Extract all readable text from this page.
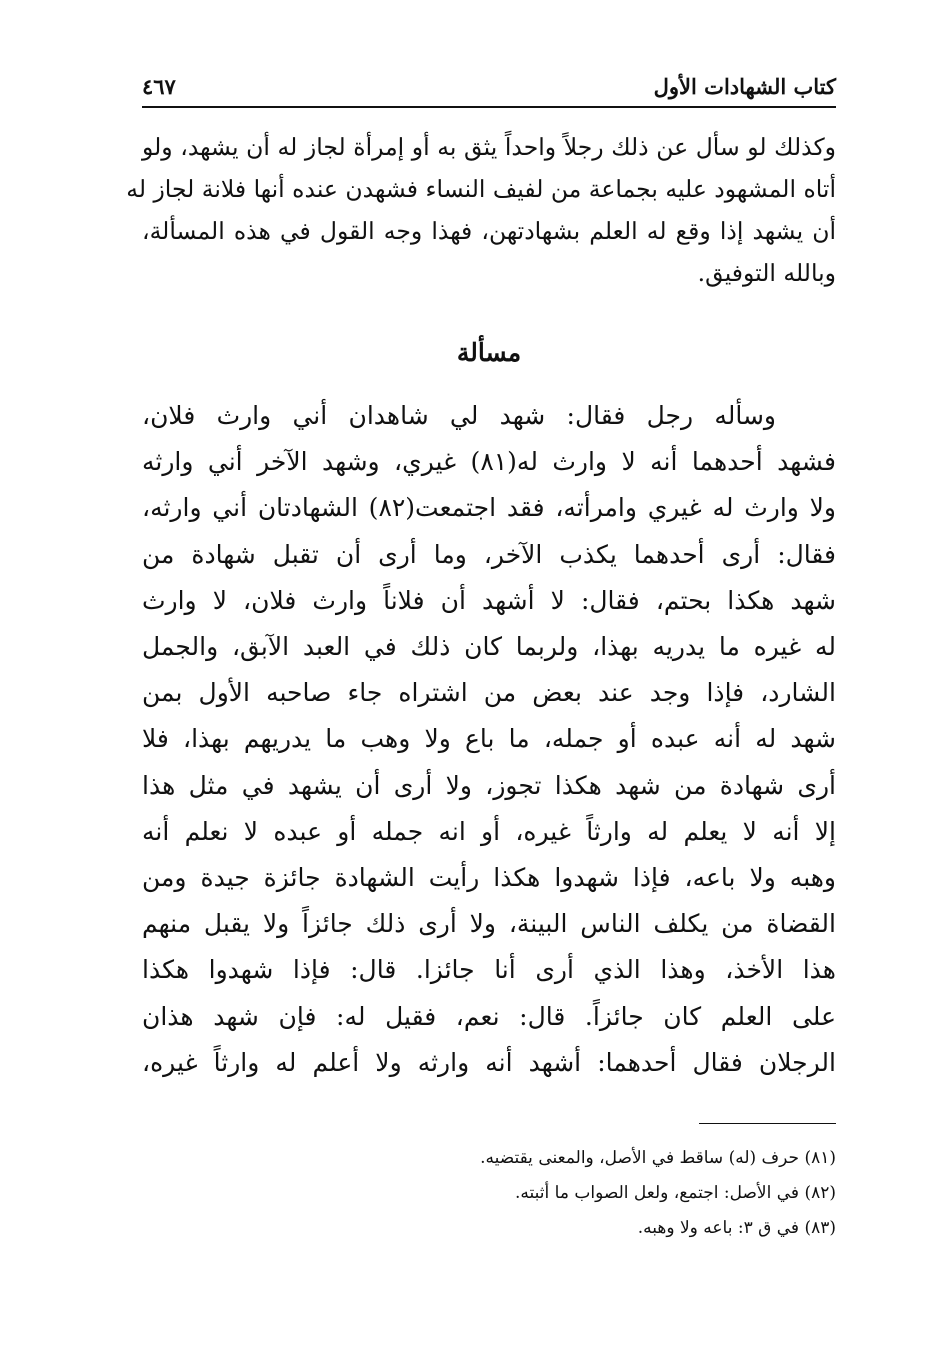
كتاب الشهادات الأول
٤٦٧
وكذلك لو سأل عن ذلك رجلاً واحداً يثق به أو إمرأة لجاز له أن يشهد، ولو
أتاه المشهود عليه بجماعة من لفيف النساء فشهدن عنده أنها فلانة لجاز له
أن يشهد إذا وقع له العلم بشهادتهن، فهذا وجه القول في هذه المسألة،
وبالله التوفيق.
مسألة
وسأله رجل فقال: شهد لي شاهدان أني وارث فلان،
فشهد أحدهما أنه لا وارث له(٨١) غيري، وشهد الآخر أني وارثه
ولا وارث له غيري وامرأته، فقد اجتمعت(٨٢) الشهادتان أني وارثه،
فقال: أرى أحدهما يكذب الآخر، وما أرى أن تقبل شهادة من
شهد هكذا بحتم، فقال: لا أشهد أن فلاناً وارث فلان، لا وارث
له غيره ما يدريه بهذا، ولربما كان ذلك في العبد الآبق، والجمل
الشارد، فإذا وجد عند بعض من اشتراه جاء صاحبه الأول بمن
شهد له أنه عبده أو جمله، ما باع ولا وهب ما يدريهم بهذا، فلا
أرى شهادة من شهد هكذا تجوز، ولا أرى أن يشهد في مثل هذا
إلا أنه لا يعلم له وارثاً غيره، أو انه جمله أو عبده لا نعلم أنه
وهبه ولا باعه، فإذا شهدوا هكذا رأيت الشهادة جائزة جيدة ومن
القضاة من يكلف الناس البينة، ولا أرى ذلك جائزاً ولا يقبل منهم
هذا الأخذ، وهذا الذي أرى أنا جائزا. قال: فإذا شهدوا هكذا
على العلم كان جائزاً. قال: نعم، فقيل له: فإن شهد هذان
الرجلان فقال أحدهما: أشهد أنه وارثه ولا أعلم له وارثاً غيره،
(٨١) حرف (له) ساقط في الأصل، والمعنى يقتضيه.
(٨٢) في الأصل: اجتمع، ولعل الصواب ما أثبته.
(٨٣) في ق ٣: باعه ولا وهبه.
